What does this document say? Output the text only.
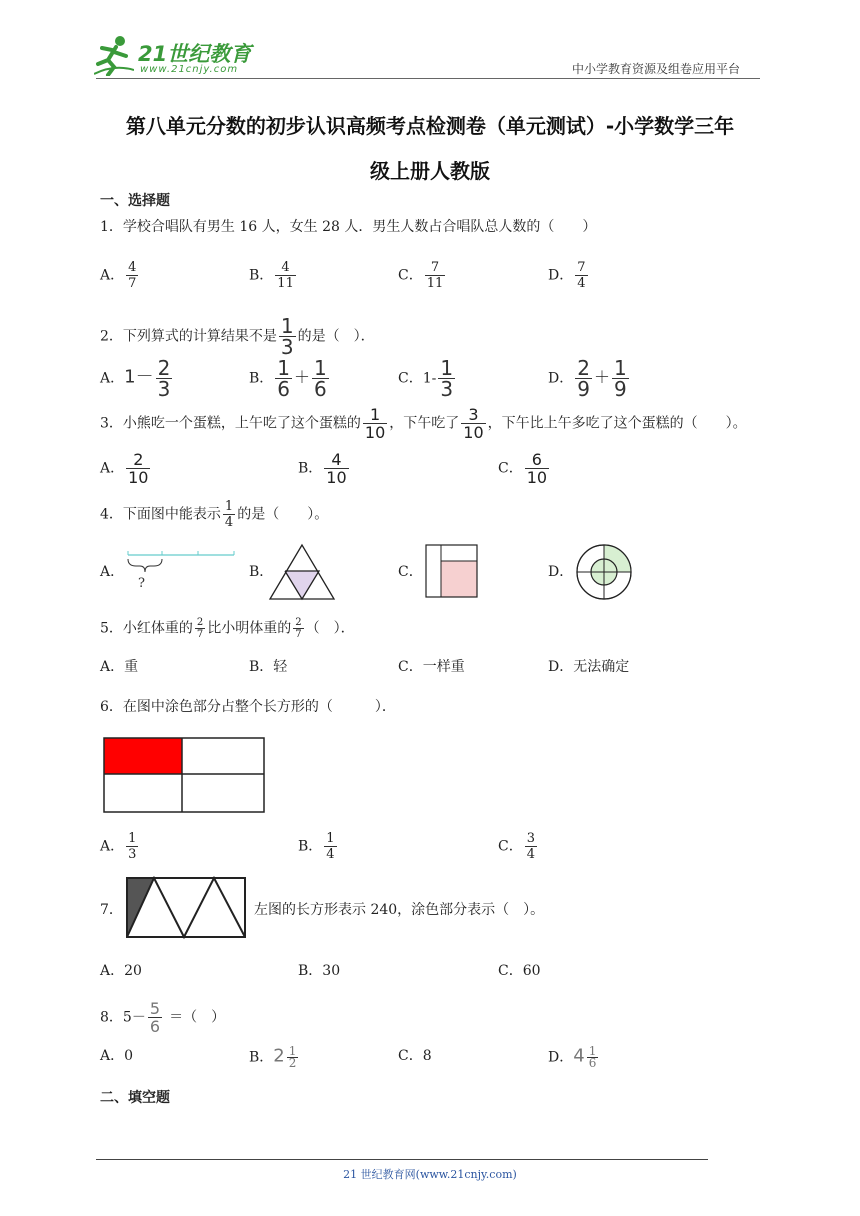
21世纪教育
www.21cnjy.com	中小学教育资源及组卷应用平台
第八单元分数的初步认识高频考点检测卷（单元测试）-小学数学三年
级上册人教版
一、选择题
1．学校合唱队有男生 16 人，女生 28 人．男生人数占合唱队总人数的（　　）
A． $\frac{4}{7}$	B． $\frac{4}{11}$	C． $\frac{7}{11}$	D． $\frac{7}{4}$
2．下列算式的计算结果不是 $\frac{1}{3}$ 的是（　）．
A．$1- \frac{2}{3}$	B． $\frac{1}{6} + \frac{1}{6}$	C．$1- \frac{1}{3}$	D． $\frac{2}{9} + \frac{1}{9}$
3．小熊吃一个蛋糕，上午吃了这个蛋糕的 $\frac{1}{10}$ ，下午吃了 $\frac{3}{10}$ ，下午比上午多吃了这个蛋糕的（　　）。
A． $\frac{2}{10}$	B． $\frac{4}{10}$	C． $\frac{6}{10}$
4．下面图中能表示 $\frac{1}{4}$ 的是（　　）。
A．
?
B．	C．	D．
5．小红体重的 $\frac{2}{7}$ 比小明体重的 $\frac{2}{7}$ （　）．
A．重	B．轻	C．一样重	D．无法确定
6．在图中涂色部分占整个长方形的（　　　）．
A． $\frac{1}{3}$	B． $\frac{1}{4}$	C． $\frac{3}{4}$
7．	左图的长方形表示 240，涂色部分表示（　）。
A．20	B．30	C．60
8．$5- \frac{5}{6}$ ＝（　）
A．0	B．$2 \frac{1}{2}$	C．8	D．$4 \frac{1}{6}$
二、填空题
21 世纪教育网(www.21cnjy.com)
